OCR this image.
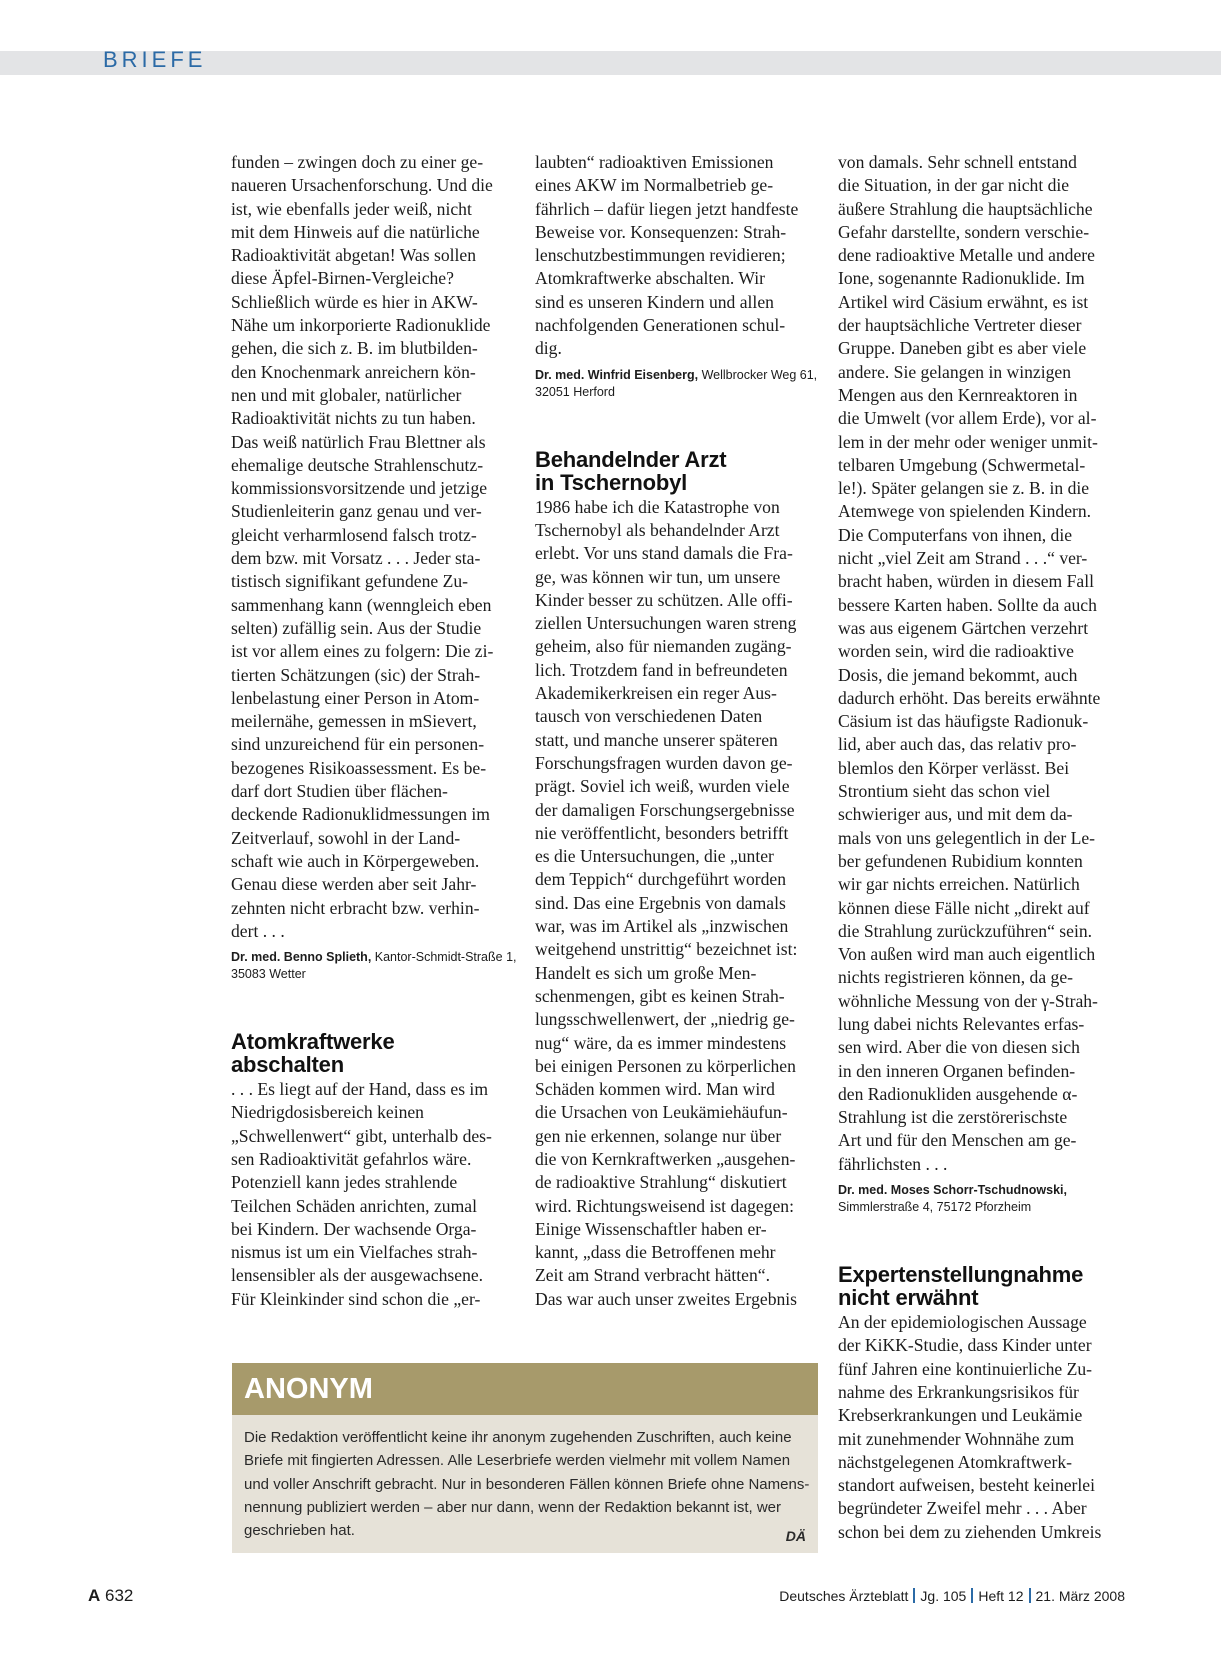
BRIEFE
funden – zwingen doch zu einer ge-
naueren Ursachenforschung. Und die
ist, wie ebenfalls jeder weiß, nicht
mit dem Hinweis auf die natürliche
Radioaktivität abgetan! Was sollen
diese Äpfel-Birnen-Vergleiche?
Schließlich würde es hier in AKW-
Nähe um inkorporierte Radionuklide
gehen, die sich z. B. im blutbilden-
den Knochenmark anreichern kön-
nen und mit globaler, natürlicher
Radioaktivität nichts zu tun haben.
Das weiß natürlich Frau Blettner als
ehemalige deutsche Strahlenschutz-
kommissionsvorsitzende und jetzige
Studienleiterin ganz genau und ver-
gleicht verharmlosend falsch trotz-
dem bzw. mit Vorsatz . . . Jeder sta-
tistisch signifikant gefundene Zu-
sammenhang kann (wenngleich eben
selten) zufällig sein. Aus der Studie
ist vor allem eines zu folgern: Die zi-
tierten Schätzungen (sic) der Strah-
lenbelastung einer Person in Atom-
meilernähe, gemessen in mSievert,
sind unzureichend für ein personen-
bezogenes Risikoassessment. Es be-
darf dort Studien über flächen-
deckende Radionuklidmessungen im
Zeitverlauf, sowohl in der Land-
schaft wie auch in Körpergeweben.
Genau diese werden aber seit Jahr-
zehnten nicht erbracht bzw. verhin-
dert . . .
Dr. med. Benno Splieth, Kantor-Schmidt-Straße 1,
35083 Wetter
Atomkraftwerke
abschalten
. . . Es liegt auf der Hand, dass es im
Niedrigdosisbereich keinen
„Schwellenwert“ gibt, unterhalb des-
sen Radioaktivität gefahrlos wäre.
Potenziell kann jedes strahlende
Teilchen Schäden anrichten, zumal
bei Kindern. Der wachsende Orga-
nismus ist um ein Vielfaches strah-
lensensibler als der ausgewachsene.
Für Kleinkinder sind schon die „er-
laubten“ radioaktiven Emissionen
eines AKW im Normalbetrieb ge-
fährlich – dafür liegen jetzt handfeste
Beweise vor. Konsequenzen: Strah-
lenschutzbestimmungen revidieren;
Atomkraftwerke abschalten. Wir
sind es unseren Kindern und allen
nachfolgenden Generationen schul-
dig.
Dr. med. Winfrid Eisenberg, Wellbrocker Weg 61,
32051 Herford
Behandelnder Arzt
in Tschernobyl
1986 habe ich die Katastrophe von
Tschernobyl als behandelnder Arzt
erlebt. Vor uns stand damals die Fra-
ge, was können wir tun, um unsere
Kinder besser zu schützen. Alle offi-
ziellen Untersuchungen waren streng
geheim, also für niemanden zugäng-
lich. Trotzdem fand in befreundeten
Akademikerkreisen ein reger Aus-
tausch von verschiedenen Daten
statt, und manche unserer späteren
Forschungsfragen wurden davon ge-
prägt. Soviel ich weiß, wurden viele
der damaligen Forschungsergebnisse
nie veröffentlicht, besonders betrifft
es die Untersuchungen, die „unter
dem Teppich“ durchgeführt worden
sind. Das eine Ergebnis von damals
war, was im Artikel als „inzwischen
weitgehend unstrittig“ bezeichnet ist:
Handelt es sich um große Men-
schenmengen, gibt es keinen Strah-
lungsschwellenwert, der „niedrig ge-
nug“ wäre, da es immer mindestens
bei einigen Personen zu körperlichen
Schäden kommen wird. Man wird
die Ursachen von Leukämiehäufun-
gen nie erkennen, solange nur über
die von Kernkraftwerken „ausgehen-
de radioaktive Strahlung“ diskutiert
wird. Richtungsweisend ist dagegen:
Einige Wissenschaftler haben er-
kannt, „dass die Betroffenen mehr
Zeit am Strand verbracht hätten“.
Das war auch unser zweites Ergebnis
von damals. Sehr schnell entstand
die Situation, in der gar nicht die
äußere Strahlung die hauptsächliche
Gefahr darstellte, sondern verschie-
dene radioaktive Metalle und andere
Ione, sogenannte Radionuklide. Im
Artikel wird Cäsium erwähnt, es ist
der hauptsächliche Vertreter dieser
Gruppe. Daneben gibt es aber viele
andere. Sie gelangen in winzigen
Mengen aus den Kernreaktoren in
die Umwelt (vor allem Erde), vor al-
lem in der mehr oder weniger unmit-
telbaren Umgebung (Schwermetal-
le!). Später gelangen sie z. B. in die
Atemwege von spielenden Kindern.
Die Computerfans von ihnen, die
nicht „viel Zeit am Strand . . .“ ver-
bracht haben, würden in diesem Fall
bessere Karten haben. Sollte da auch
was aus eigenem Gärtchen verzehrt
worden sein, wird die radioaktive
Dosis, die jemand bekommt, auch
dadurch erhöht. Das bereits erwähnte
Cäsium ist das häufigste Radionuk-
lid, aber auch das, das relativ pro-
blemlos den Körper verlässt. Bei
Strontium sieht das schon viel
schwieriger aus, und mit dem da-
mals von uns gelegentlich in der Le-
ber gefundenen Rubidium konnten
wir gar nichts erreichen. Natürlich
können diese Fälle nicht „direkt auf
die Strahlung zurückzuführen“ sein.
Von außen wird man auch eigentlich
nichts registrieren können, da ge-
wöhnliche Messung von der γ-Strah-
lung dabei nichts Relevantes erfas-
sen wird. Aber die von diesen sich
in den inneren Organen befinden-
den Radionukliden ausgehende α-
Strahlung ist die zerstörerischste
Art und für den Menschen am ge-
fährlichsten . . .
Dr. med. Moses Schorr-Tschudnowski,
Simmlerstraße 4, 75172 Pforzheim
Expertenstellungnahme
nicht erwähnt
An der epidemiologischen Aussage
der KiKK-Studie, dass Kinder unter
fünf Jahren eine kontinuierliche Zu-
nahme des Erkrankungsrisikos für
Krebserkrankungen und Leukämie
mit zunehmender Wohnnähe zum
nächstgelegenen Atomkraftwerk-
standort aufweisen, besteht keinerlei
begründeter Zweifel mehr . . . Aber
schon bei dem zu ziehenden Umkreis
ANONYM
Die Redaktion veröffentlicht keine ihr anonym zugehenden Zuschriften, auch keine
Briefe mit fingierten Adressen. Alle Leserbriefe werden vielmehr mit vollem Namen
und voller Anschrift gebracht. Nur in besonderen Fällen können Briefe ohne Namens-
nennung publiziert werden – aber nur dann, wenn der Redaktion bekannt ist, wer
geschrieben hat.	DÄ
A 632	Deutsches Ärzteblatt Jg. 105 Heft 12 21. März 2008
